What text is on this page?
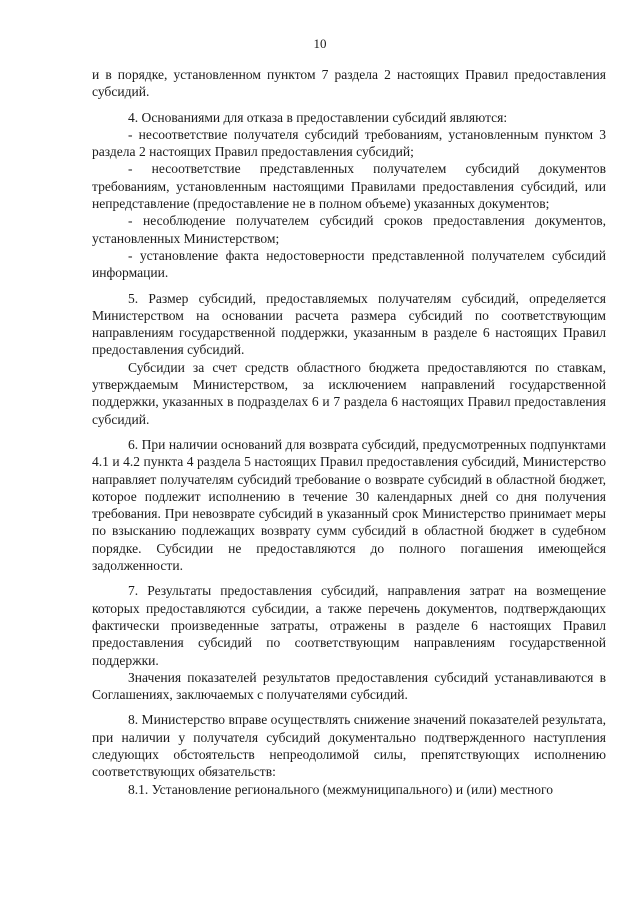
10

и в порядке, установленном пунктом 7 раздела 2 настоящих Правил предоставления субсидий.

4. Основаниями для отказа в предоставлении субсидий являются:

- несоответствие получателя субсидий требованиям, установленным пунктом 3 раздела 2 настоящих Правил предоставления субсидий;

- несоответствие представленных получателем субсидий документов требованиям, установленным настоящими Правилами предоставления субсидий, или непредставление (предоставление не в полном объеме) указанных документов;

- несоблюдение получателем субсидий сроков предоставления документов, установленных Министерством;

- установление факта недостоверности представленной получателем субсидий информации.

5. Размер субсидий, предоставляемых получателям субсидий, определяется Министерством на основании расчета размера субсидий по соответствующим направлениям государственной поддержки, указанным в разделе 6 настоящих Правил предоставления субсидий.

Субсидии за счет средств областного бюджета предоставляются по ставкам, утверждаемым Министерством, за исключением направлений государственной поддержки, указанных в подразделах 6 и 7 раздела 6 настоящих Правил предоставления субсидий.

6. При наличии оснований для возврата субсидий, предусмотренных подпунктами 4.1 и 4.2 пункта 4 раздела 5 настоящих Правил предоставления субсидий, Министерство направляет получателям субсидий требование о возврате субсидий в областной бюджет, которое подлежит исполнению в течение 30 календарных дней со дня получения требования. При невозврате субсидий в указанный срок Министерство принимает меры по взысканию подлежащих возврату сумм субсидий в областной бюджет в судебном порядке. Субсидии не предоставляются до полного погашения имеющейся задолженности.

7. Результаты предоставления субсидий, направления затрат на возмещение которых предоставляются субсидии, а также перечень документов, подтверждающих фактически произведенные затраты, отражены в разделе 6 настоящих Правил предоставления субсидий по соответствующим направлениям государственной поддержки.

Значения показателей результатов предоставления субсидий устанавливаются в Соглашениях, заключаемых с получателями субсидий.

8. Министерство вправе осуществлять снижение значений показателей результата, при наличии у получателя субсидий документально подтвержденного наступления следующих обстоятельств непреодолимой силы, препятствующих исполнению соответствующих обязательств:

8.1. Установление регионального (межмуниципального) и (или) местного
